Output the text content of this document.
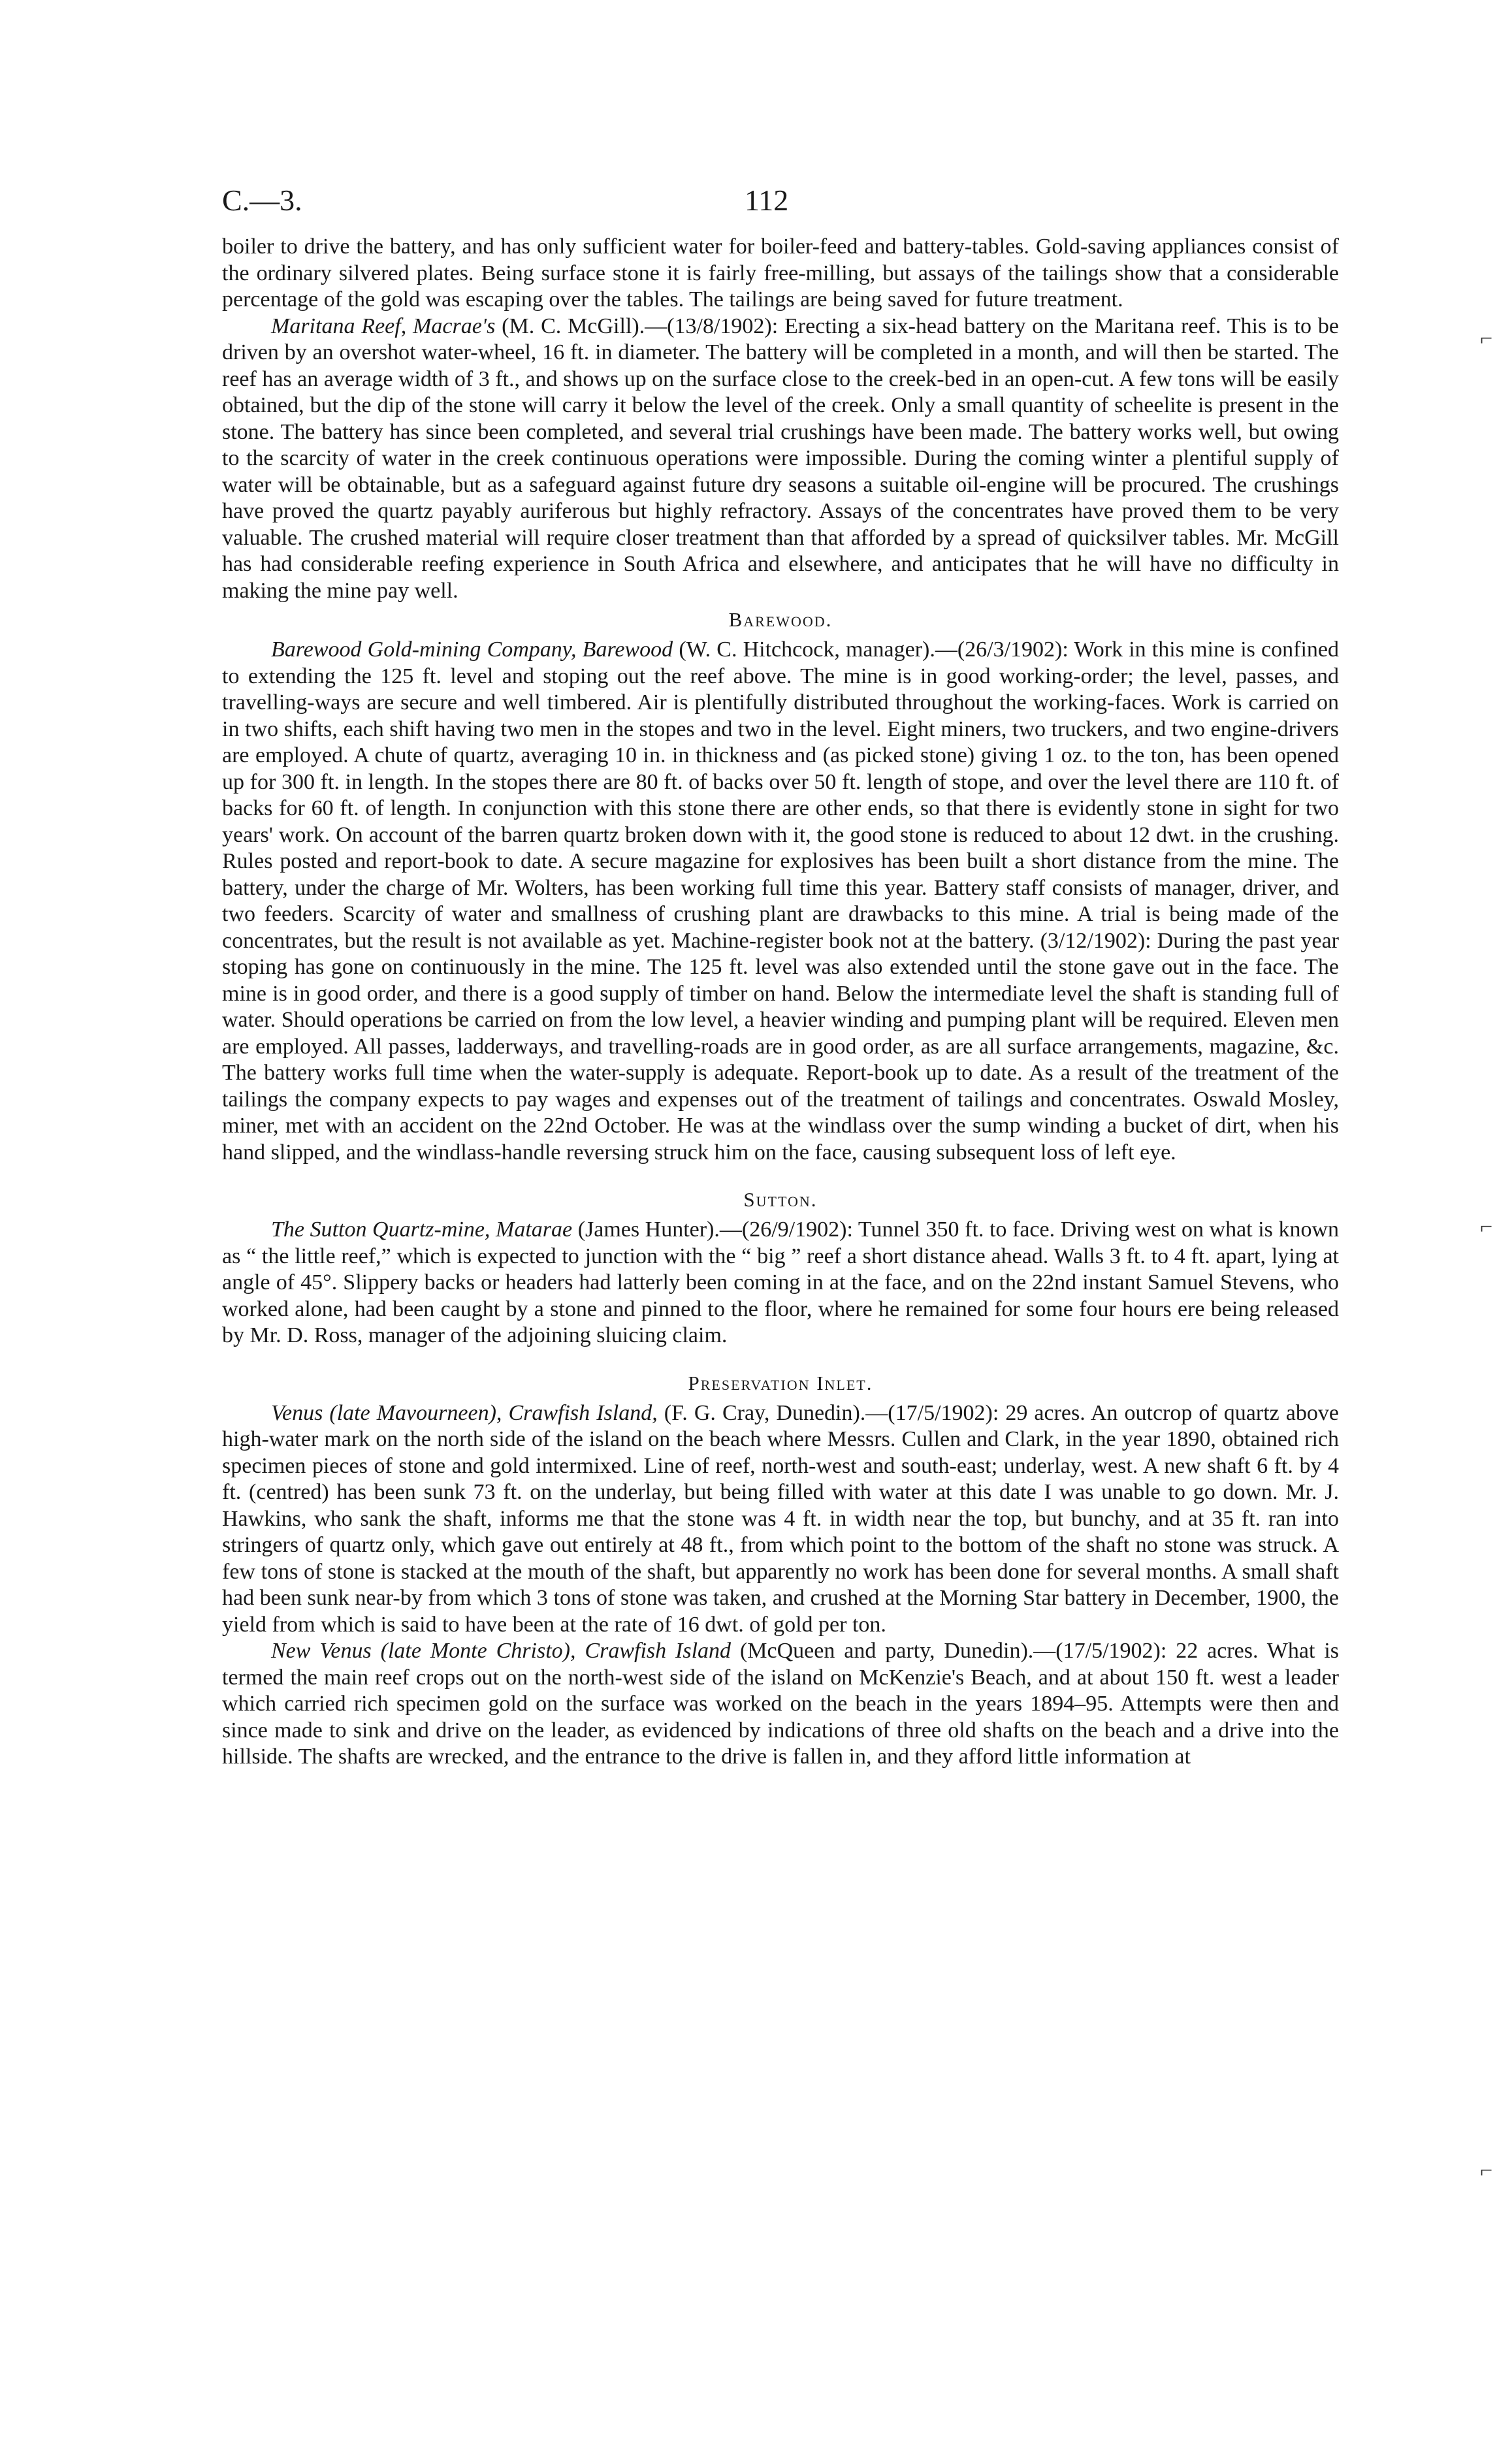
C.—3.	112

boiler to drive the battery, and has only sufficient water for boiler-feed and battery-tables. Gold-saving appliances consist of the ordinary silvered plates. Being surface stone it is fairly free-milling, but assays of the tailings show that a considerable percentage of the gold was escaping over the tables. The tailings are being saved for future treatment.

Maritana Reef, Macrae's (M. C. McGill).—(13/8/1902): Erecting a six-head battery on the Maritana reef. This is to be driven by an overshot water-wheel, 16 ft. in diameter. The battery will be completed in a month, and will then be started. The reef has an average width of 3 ft., and shows up on the surface close to the creek-bed in an open-cut. A few tons will be easily obtained, but the dip of the stone will carry it below the level of the creek. Only a small quantity of scheelite is present in the stone. The battery has since been completed, and several trial crushings have been made. The battery works well, but owing to the scarcity of water in the creek continuous operations were impossible. During the coming winter a plentiful supply of water will be obtainable, but as a safeguard against future dry seasons a suitable oil-engine will be procured. The crushings have proved the quartz payably auriferous but highly refractory. Assays of the concentrates have proved them to be very valuable. The crushed material will require closer treatment than that afforded by a spread of quicksilver tables. Mr. McGill has had considerable reefing experience in South Africa and elsewhere, and anticipates that he will have no difficulty in making the mine pay well.

Barewood.

Barewood Gold-mining Company, Barewood (W. C. Hitchcock, manager).—(26/3/1902): Work in this mine is confined to extending the 125 ft. level and stoping out the reef above. The mine is in good working-order; the level, passes, and travelling-ways are secure and well timbered. Air is plentifully distributed throughout the working-faces. Work is carried on in two shifts, each shift having two men in the stopes and two in the level. Eight miners, two truckers, and two engine-drivers are employed. A chute of quartz, averaging 10 in. in thickness and (as picked stone) giving 1 oz. to the ton, has been opened up for 300 ft. in length. In the stopes there are 80 ft. of backs over 50 ft. length of stope, and over the level there are 110 ft. of backs for 60 ft. of length. In conjunction with this stone there are other ends, so that there is evidently stone in sight for two years' work. On account of the barren quartz broken down with it, the good stone is reduced to about 12 dwt. in the crushing. Rules posted and report-book to date. A secure magazine for explosives has been built a short distance from the mine. The battery, under the charge of Mr. Wolters, has been working full time this year. Battery staff consists of manager, driver, and two feeders. Scarcity of water and smallness of crushing plant are drawbacks to this mine. A trial is being made of the concentrates, but the result is not available as yet. Machine-register book not at the battery. (3/12/1902): During the past year stoping has gone on continuously in the mine. The 125 ft. level was also extended until the stone gave out in the face. The mine is in good order, and there is a good supply of timber on hand. Below the intermediate level the shaft is standing full of water. Should operations be carried on from the low level, a heavier winding and pumping plant will be required. Eleven men are employed. All passes, ladderways, and travelling-roads are in good order, as are all surface arrangements, magazine, &c. The battery works full time when the water-supply is adequate. Report-book up to date. As a result of the treatment of the tailings the company expects to pay wages and expenses out of the treatment of tailings and concentrates. Oswald Mosley, miner, met with an accident on the 22nd October. He was at the windlass over the sump winding a bucket of dirt, when his hand slipped, and the windlass-handle reversing struck him on the face, causing subsequent loss of left eye.

Sutton.

The Sutton Quartz-mine, Matarae (James Hunter).—(26/9/1902): Tunnel 350 ft. to face. Driving west on what is known as “ the little reef,” which is expected to junction with the “ big ” reef a short distance ahead. Walls 3 ft. to 4 ft. apart, lying at angle of 45°. Slippery backs or headers had latterly been coming in at the face, and on the 22nd instant Samuel Stevens, who worked alone, had been caught by a stone and pinned to the floor, where he remained for some four hours ere being released by Mr. D. Ross, manager of the adjoining sluicing claim.

Preservation Inlet.

Venus (late Mavourneen), Crawfish Island, (F. G. Cray, Dunedin).—(17/5/1902): 29 acres. An outcrop of quartz above high-water mark on the north side of the island on the beach where Messrs. Cullen and Clark, in the year 1890, obtained rich specimen pieces of stone and gold intermixed. Line of reef, north-west and south-east; underlay, west. A new shaft 6 ft. by 4 ft. (centred) has been sunk 73 ft. on the underlay, but being filled with water at this date I was unable to go down. Mr. J. Hawkins, who sank the shaft, informs me that the stone was 4 ft. in width near the top, but bunchy, and at 35 ft. ran into stringers of quartz only, which gave out entirely at 48 ft., from which point to the bottom of the shaft no stone was struck. A few tons of stone is stacked at the mouth of the shaft, but apparently no work has been done for several months. A small shaft had been sunk near-by from which 3 tons of stone was taken, and crushed at the Morning Star battery in December, 1900, the yield from which is said to have been at the rate of 16 dwt. of gold per ton.

New Venus (late Monte Christo), Crawfish Island (McQueen and party, Dunedin).—(17/5/1902): 22 acres. What is termed the main reef crops out on the north-west side of the island on McKenzie's Beach, and at about 150 ft. west a leader which carried rich specimen gold on the surface was worked on the beach in the years 1894–95. Attempts were then and since made to sink and drive on the leader, as evidenced by indications of three old shafts on the beach and a drive into the hillside. The shafts are wrecked, and the entrance to the drive is fallen in, and they afford little information at

⌐
⌐
⌐
